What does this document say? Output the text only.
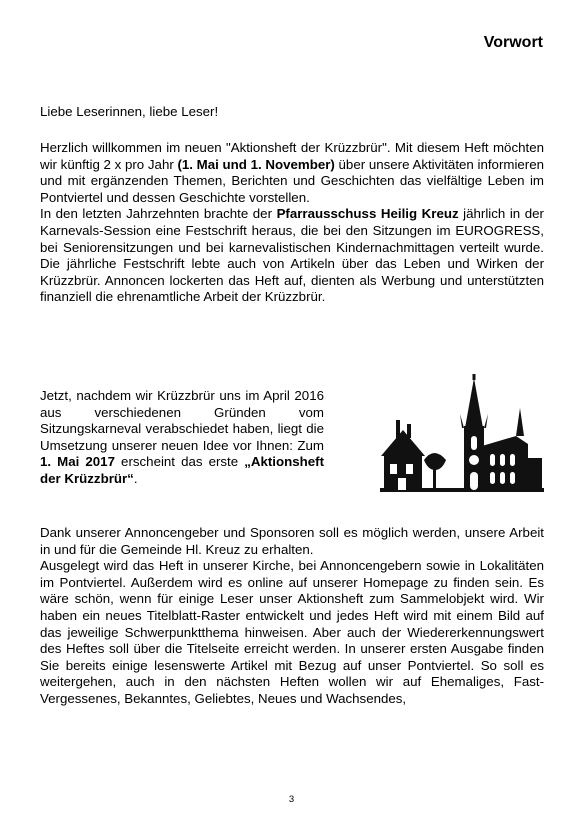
Vorwort

Liebe Leserinnen, liebe Leser!

Herzlich willkommen im neuen "Aktionsheft der Krüzzbrür". Mit diesem Heft möchten wir künftig 2 x pro Jahr (1. Mai und 1. November) über unsere Aktivitäten informieren und mit ergänzenden Themen, Berichten und Geschichten das vielfältige Leben im Pontviertel und dessen Geschichte vorstellen.
In den letzten Jahrzehnten brachte der Pfarrausschuss Heilig Kreuz jährlich in der Karnevals-Session eine Festschrift heraus, die bei den Sitzungen im EUROGRESS, bei Seniorensitzungen und bei karnevalistischen Kindernachmittagen verteilt wurde. Die jährliche Festschrift lebte auch von Artikeln über das Leben und Wirken der Krüzzbrür. Annoncen lockerten das Heft auf, dienten als Werbung und unterstützten finanziell die ehrenamtliche Arbeit der Krüzzbrür.

Jetzt, nachdem wir Krüzzbrür uns im April 2016 aus verschiedenen Gründen vom Sitzungskarneval verabschiedet haben, liegt die Umsetzung unserer neuen Idee vor Ihnen: Zum 1. Mai 2017 erscheint das erste „Aktionsheft der Krüzzbrür“.

Dank unserer Annoncengeber und Sponsoren soll es möglich werden, unsere Arbeit in und für die Gemeinde Hl. Kreuz zu erhalten.
Ausgelegt wird das Heft in unserer Kirche, bei Annoncengebern sowie in Lokalitäten im Pontviertel. Außerdem wird es online auf unserer Homepage zu finden sein. Es wäre schön, wenn für einige Leser unser Aktionsheft zum Sammelobjekt wird. Wir haben ein neues Titelblatt-Raster entwickelt und jedes Heft wird mit einem Bild auf das jeweilige Schwerpunktthema hinweisen. Aber auch der Wiedererkennungswert des Heftes soll über die Titelseite erreicht werden. In unserer ersten Ausgabe finden Sie bereits einige lesenswerte Artikel mit Bezug auf unser Pontviertel. So soll es weitergehen, auch in den nächsten Heften wollen wir auf Ehemaliges, Fast-Vergessenes, Bekanntes, Geliebtes, Neues und Wachsendes,

3
